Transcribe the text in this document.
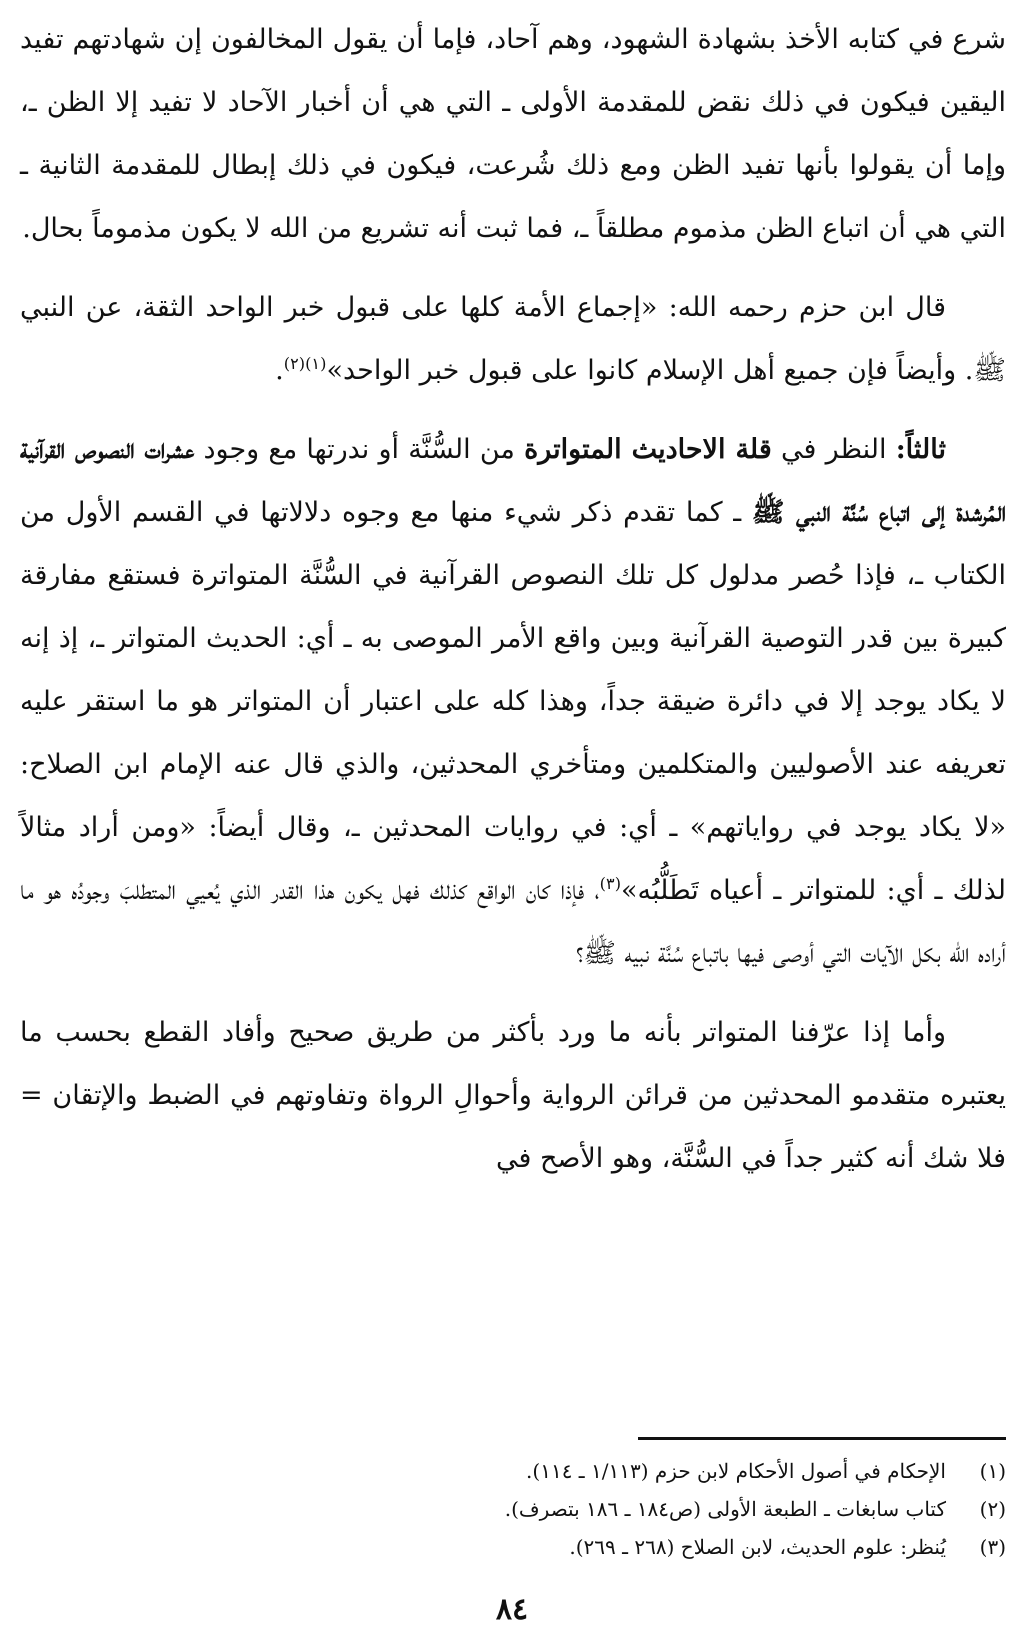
شرع في كتابه الأخذ بشهادة الشهود، وهم آحاد، فإما أن يقول المخالفون إن شهادتهم تفيد اليقين فيكون في ذلك نقض للمقدمة الأولى ـ التي هي أن أخبار الآحاد لا تفيد إلا الظن ـ، وإما أن يقولوا بأنها تفيد الظن ومع ذلك شُرعت، فيكون في ذلك إبطال للمقدمة الثانية ـ التي هي أن اتباع الظن مذموم مطلقاً ـ، فما ثبت أنه تشريع من الله لا يكون مذموماً بحال.

قال ابن حزم رحمه الله: «إجماع الأمة كلها على قبول خبر الواحد الثقة، عن النبي ﷺ. وأيضاً فإن جميع أهل الإسلام كانوا على قبول خبر الواحد»$^{(١)(٢)}$.

ثالثاً: النظر في قلة الاحاديث المتواترة من السُّنَّة أو ندرتها مع وجود عشرات النصوص القرآنية المُرشدة إلى اتباع سُنَّة النبي ﷺ ـ كما تقدم ذكر شيء منها مع وجوه دلالاتها في القسم الأول من الكتاب ـ، فإذا حُصر مدلول كل تلك النصوص القرآنية في السُّنَّة المتواترة فستقع مفارقة كبيرة بين قدر التوصية القرآنية وبين واقع الأمر الموصى به ـ أي: الحديث المتواتر ـ، إذ إنه لا يكاد يوجد إلا في دائرة ضيقة جداً، وهذا كله على اعتبار أن المتواتر هو ما استقر عليه تعريفه عند الأصوليين والمتكلمين ومتأخري المحدثين، والذي قال عنه الإمام ابن الصلاح: «لا يكاد يوجد في رواياتهم» ـ أي: في روايات المحدثين ـ، وقال أيضاً: «ومن أراد مثالاً لذلك ـ أي: للمتواتر ـ أعياه تَطَلُّبُه»$^{(٣)}$، فإذا كان الواقع كذلك فهل يكون هذا القدر الذي يُعيي المتطلبَ وجودُه هو ما أراده الله بكل الآيات التي أوصى فيها باتباع سُنَّة نبيه ﷺ؟

وأما إذا عرّفنا المتواتر بأنه ما ورد بأكثر من طريق صحيح وأفاد القطع بحسب ما يعتبره متقدمو المحدثين من قرائن الرواية وأحوالِ الرواة وتفاوتهم في الضبط والإتقان = فلا شك أنه كثير جداً في السُّنَّة، وهو الأصح في

(١)
الإحكام في أصول الأحكام لابن حزم (١/١١٣ ـ ١١٤).
(٢)
كتاب سابغات ـ الطبعة الأولى (ص١٨٤ ـ ١٨٦ بتصرف).
(٣)
يُنظر: علوم الحديث، لابن الصلاح (٢٦٨ ـ ٢٦٩).
٨٤
